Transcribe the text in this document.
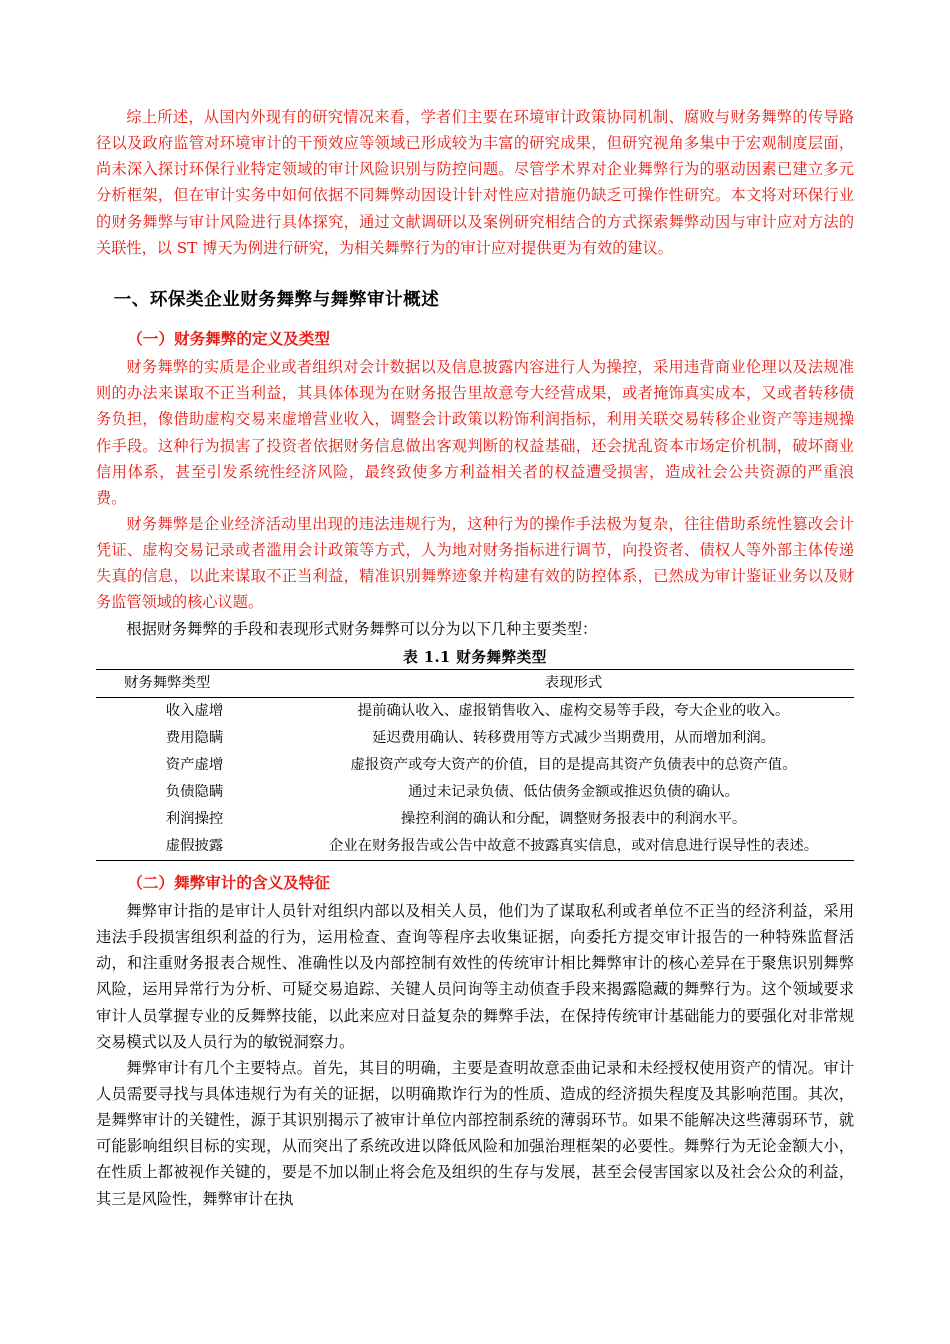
综上所述，从国内外现有的研究情况来看，学者们主要在环境审计政策协同机制、腐败与财务舞弊的传导路径以及政府监管对环境审计的干预效应等领域已形成较为丰富的研究成果，但研究视角多集中于宏观制度层面，尚未深入探讨环保行业特定领域的审计风险识别与防控问题。尽管学术界对企业舞弊行为的驱动因素已建立多元分析框架，但在审计实务中如何依据不同舞弊动因设计针对性应对措施仍缺乏可操作性研究。本文将对环保行业的财务舞弊与审计风险进行具体探究，通过文献调研以及案例研究相结合的方式探索舞弊动因与审计应对方法的关联性，以 ST 博天为例进行研究，为相关舞弊行为的审计应对提供更为有效的建议。

一、环保类企业财务舞弊与舞弊审计概述
（一）财务舞弊的定义及类型

财务舞弊的实质是企业或者组织对会计数据以及信息披露内容进行人为操控，采用违背商业伦理以及法规准则的办法来谋取不正当利益，其具体体现为在财务报告里故意夸大经营成果，或者掩饰真实成本，又或者转移债务负担，像借助虚构交易来虚增营业收入，调整会计政策以粉饰利润指标，利用关联交易转移企业资产等违规操作手段。这种行为损害了投资者依据财务信息做出客观判断的权益基础，还会扰乱资本市场定价机制，破坏商业信用体系，甚至引发系统性经济风险，最终致使多方利益相关者的权益遭受损害，造成社会公共资源的严重浪费。

财务舞弊是企业经济活动里出现的违法违规行为，这种行为的操作手法极为复杂，往往借助系统性篡改会计凭证、虚构交易记录或者滥用会计政策等方式，人为地对财务指标进行调节，向投资者、债权人等外部主体传递失真的信息，以此来谋取不正当利益，精准识别舞弊迹象并构建有效的防控体系，已然成为审计鉴证业务以及财务监管领域的核心议题。

根据财务舞弊的手段和表现形式财务舞弊可以分为以下几种主要类型：

表 1.1 财务舞弊类型
财务舞弊类型	表现形式
收入虚增	提前确认收入、虚报销售收入、虚构交易等手段，夸大企业的收入。
费用隐瞒	延迟费用确认、转移费用等方式减少当期费用，从而增加利润。
资产虚增	虚报资产或夸大资产的价值，目的是提高其资产负债表中的总资产值。
负债隐瞒	通过未记录负债、低估债务金额或推迟负债的确认。
利润操控	操控利润的确认和分配，调整财务报表中的利润水平。
虚假披露	企业在财务报告或公告中故意不披露真实信息，或对信息进行误导性的表述。
（二）舞弊审计的含义及特征

舞弊审计指的是审计人员针对组织内部以及相关人员，他们为了谋取私利或者单位不正当的经济利益，采用违法手段损害组织利益的行为，运用检查、查询等程序去收集证据，向委托方提交审计报告的一种特殊监督活动，和注重财务报表合规性、准确性以及内部控制有效性的传统审计相比舞弊审计的核心差异在于聚焦识别舞弊风险，运用异常行为分析、可疑交易追踪、关键人员问询等主动侦查手段来揭露隐藏的舞弊行为。这个领域要求审计人员掌握专业的反舞弊技能，以此来应对日益复杂的舞弊手法，在保持传统审计基础能力的要强化对非常规交易模式以及人员行为的敏锐洞察力。

舞弊审计有几个主要特点。首先，其目的明确，主要是查明故意歪曲记录和未经授权使用资产的情况。审计人员需要寻找与具体违规行为有关的证据，以明确欺诈行为的性质、造成的经济损失程度及其影响范围。其次，是舞弊审计的关键性，源于其识别揭示了被审计单位内部控制系统的薄弱环节。如果不能解决这些薄弱环节，就可能影响组织目标的实现，从而突出了系统改进以降低风险和加强治理框架的必要性。舞弊行为无论金额大小，在性质上都被视作关键的，要是不加以制止将会危及组织的生存与发展，甚至会侵害国家以及社会公众的利益，其三是风险性，舞弊审计在执
